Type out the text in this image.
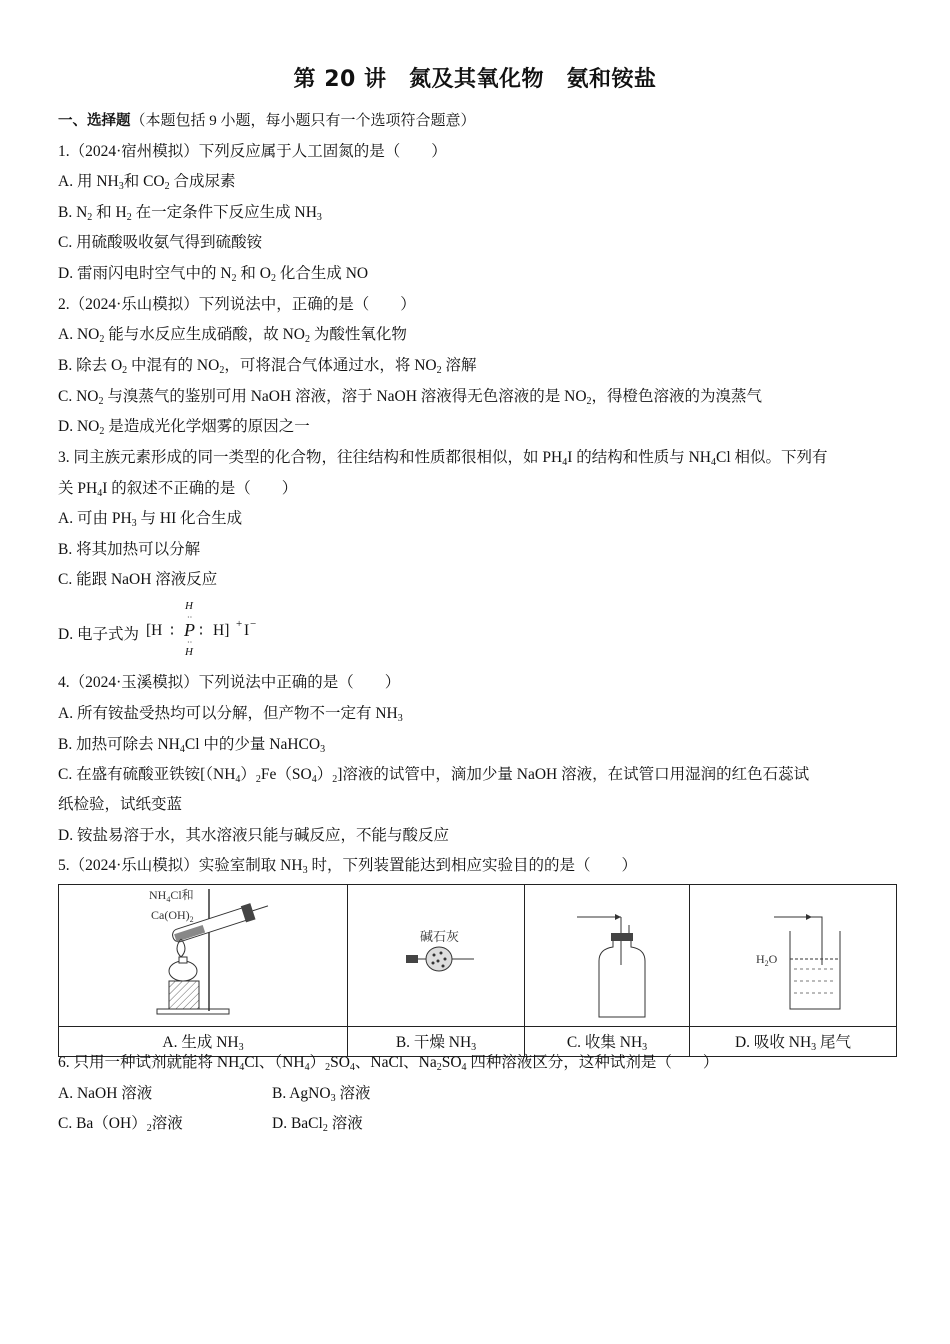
第 20 讲　氮及其氧化物　氨和铵盐
一、选择题（本题包括 9 小题，每小题只有一个选项符合题意）
1.（2024·宿州模拟）下列反应属于人工固氮的是（　　）
A. 用 $NH_3$和 $CO_2$ 合成尿素
B. $N_2$ 和 $H_2$ 在一定条件下反应生成 $NH_3$
C. 用硫酸吸收氨气得到硫酸铵
D. 雷雨闪电时空气中的 $N_2$ 和 $O_2$ 化合生成 NO
2.（2024·乐山模拟）下列说法中，正确的是（　　）
A. $NO_2$ 能与水反应生成硝酸，故 $NO_2$ 为酸性氧化物
B. 除去 $O_2$ 中混有的 $NO_2$，可将混合气体通过水，将 $NO_2$ 溶解
C. $NO_2$ 与溴蒸气的鉴别可用 NaOH 溶液，溶于 NaOH 溶液得无色溶液的是 $NO_2$，得橙色溶液的为溴蒸气
D. $NO_2$ 是造成光化学烟雾的原因之一
3. 同主族元素形成的同一类型的化合物，往往结构和性质都很相似，如 $PH_4I$ 的结构和性质与 $NH_4Cl$ 相似。下列有
关 $PH_4I$ 的叙述不正确的是（　　）
A. 可由 $PH_3$ 与 HI 化合生成
B. 将其加热可以分解
C. 能跟 NaOH 溶液反应
D. 电子式为 [H ∶
H
··
P
··
H
∶ H] + I −
4.（2024·玉溪模拟）下列说法中正确的是（　　）
A. 所有铵盐受热均可以分解，但产物不一定有 $NH_3$
B. 加热可除去 $NH_4Cl$ 中的少量 NaHCO$_3$
C. 在盛有硫酸亚铁铵$[(NH_4)_2Fe(SO_4)_2]$溶液的试管中，滴加少量 NaOH 溶液，在试管口用湿润的红色石蕊试
纸检验，试纸变蓝
D. 铵盐易溶于水，其水溶液只能与碱反应，不能与酸反应
5.（2024·乐山模拟）实验室制取 $NH_3$ 时，下列装置能达到相应实验目的的是（　　）
$NH_4Cl$和
$Ca(OH)_2$	碱石灰		$H_2O$

A. 生成 $NH_3$	B. 干燥 $NH_3$	C. 收集 $NH_3$	D. 吸收 $NH_3$ 尾气
6. 只用一种试剂就能将 $NH_4Cl$、$(NH_4)_2SO_4$、NaCl、$Na_2SO_4$ 四种溶液区分，这种试剂是（　　）
A. NaOH 溶液	B. AgNO$_3$ 溶液
C. $Ba(OH)_2$溶液	D. BaCl$_2$ 溶液
